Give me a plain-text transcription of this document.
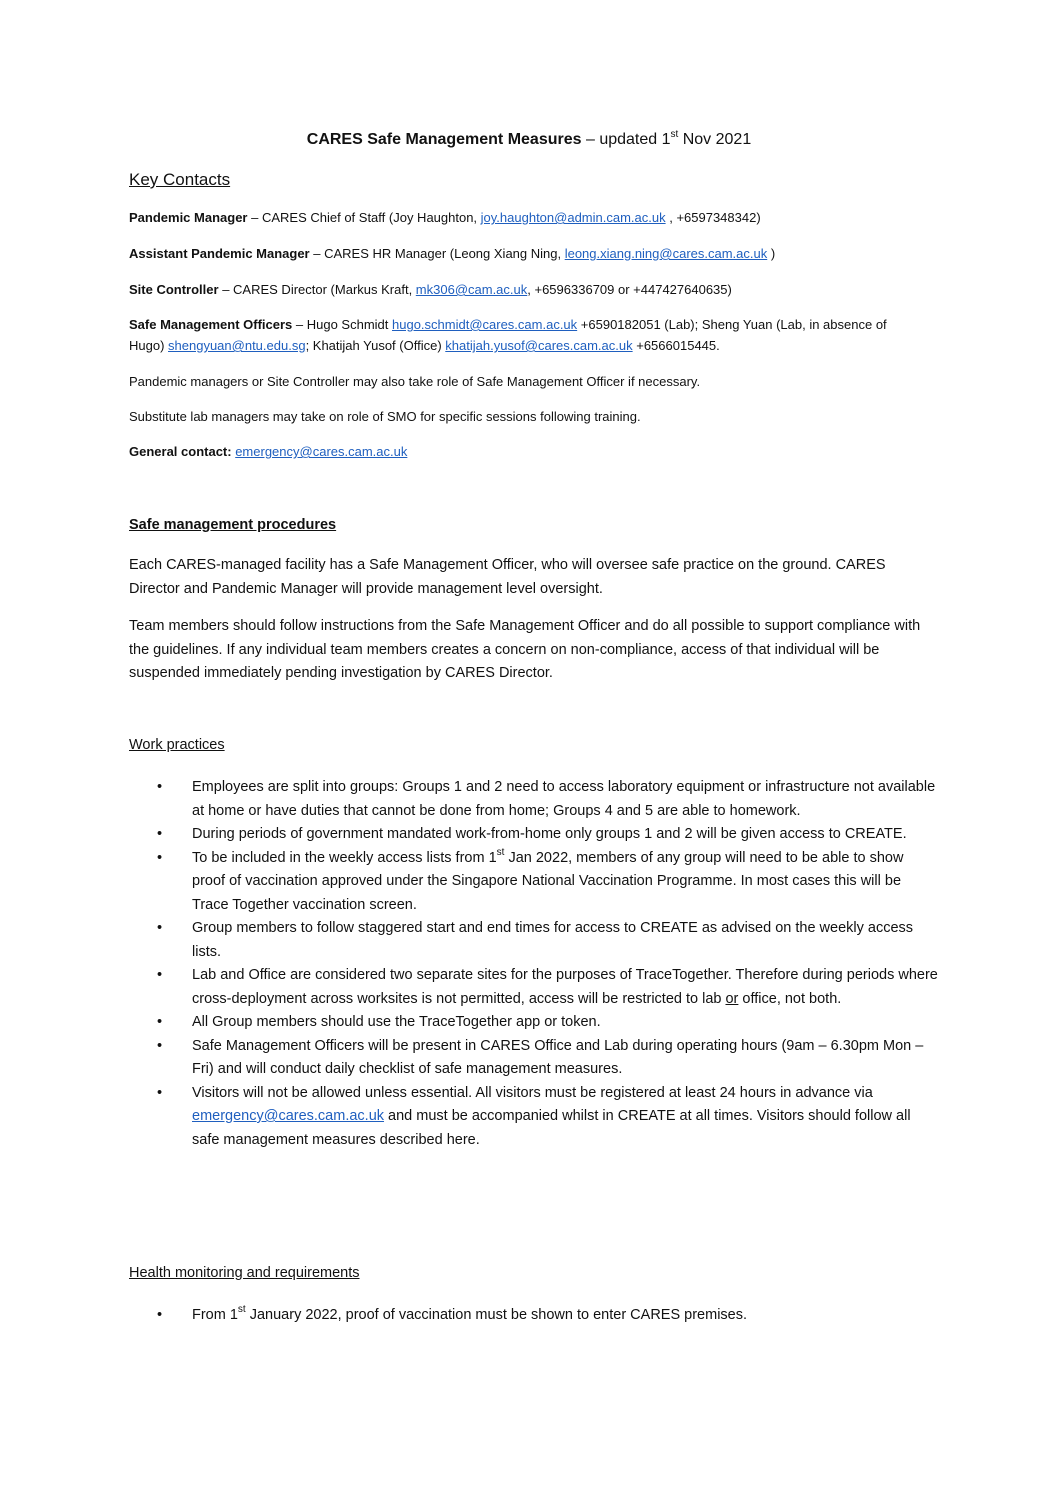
CARES Safe Management Measures – updated 1st Nov 2021
Key Contacts
Pandemic Manager – CARES Chief of Staff (Joy Haughton, joy.haughton@admin.cam.ac.uk , +6597348342)
Assistant Pandemic Manager – CARES HR Manager (Leong Xiang Ning, leong.xiang.ning@cares.cam.ac.uk )
Site Controller – CARES Director (Markus Kraft, mk306@cam.ac.uk, +6596336709 or +447427640635)
Safe Management Officers – Hugo Schmidt hugo.schmidt@cares.cam.ac.uk +6590182051 (Lab); Sheng Yuan (Lab, in absence of Hugo) shengyuan@ntu.edu.sg; Khatijah Yusof (Office) khatijah.yusof@cares.cam.ac.uk +6566015445.
Pandemic managers or Site Controller may also take role of Safe Management Officer if necessary.
Substitute lab managers may take on role of SMO for specific sessions following training.
General contact: emergency@cares.cam.ac.uk
Safe management procedures
Each CARES-managed facility has a Safe Management Officer, who will oversee safe practice on the ground. CARES Director and Pandemic Manager will provide management level oversight.
Team members should follow instructions from the Safe Management Officer and do all possible to support compliance with the guidelines. If any individual team members creates a concern on non-compliance, access of that individual will be suspended immediately pending investigation by CARES Director.
Work practices
• Employees are split into groups: Groups 1 and 2 need to access laboratory equipment or infrastructure not available at home or have duties that cannot be done from home; Groups 4 and 5 are able to homework.
• During periods of government mandated work-from-home only groups 1 and 2 will be given access to CREATE.
• To be included in the weekly access lists from 1st Jan 2022, members of any group will need to be able to show proof of vaccination approved under the Singapore National Vaccination Programme. In most cases this will be Trace Together vaccination screen.
• Group members to follow staggered start and end times for access to CREATE as advised on the weekly access lists.
• Lab and Office are considered two separate sites for the purposes of TraceTogether. Therefore during periods where cross-deployment across worksites is not permitted, access will be restricted to lab or office, not both.
• All Group members should use the TraceTogether app or token.
• Safe Management Officers will be present in CARES Office and Lab during operating hours (9am – 6.30pm Mon – Fri) and will conduct daily checklist of safe management measures.
• Visitors will not be allowed unless essential. All visitors must be registered at least 24 hours in advance via emergency@cares.cam.ac.uk and must be accompanied whilst in CREATE at all times. Visitors should follow all safe management measures described here.
Health monitoring and requirements
• From 1st January 2022, proof of vaccination must be shown to enter CARES premises.
